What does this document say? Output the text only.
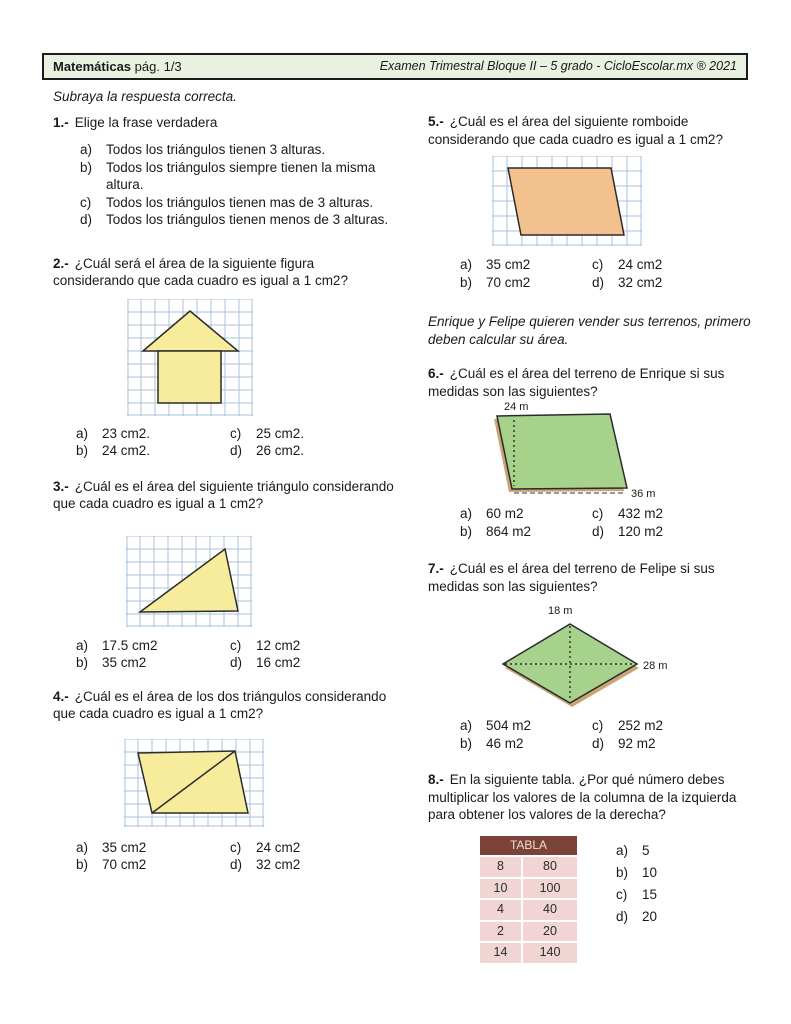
Matemáticas pág. 1/3	Examen Trimestral Bloque II – 5 grado - CicloEscolar.mx ® 2021

Subraya la respuesta correcta.

1.- Elige la frase verdadera

a)	Todos los triángulos tienen 3 alturas.
b)	Todos los triángulos siempre tienen la misma altura.
c)	Todos los triángulos tienen mas de 3 alturas.
d)	Todos los triángulos tienen menos de 3 alturas.

2.- ¿Cuál será el área de la siguiente figura considerando que cada cuadro es igual a 1 cm2?

a)	23 cm2.	c)	25 cm2.
b)	24 cm2.	d)	26 cm2.

3.- ¿Cuál es el área del siguiente triángulo considerando que cada cuadro es igual a 1 cm2?

a)	17.5 cm2	c)	12 cm2
b)	35 cm2	d)	16 cm2

4.- ¿Cuál es el área de los dos triángulos considerando que cada cuadro es igual a 1 cm2?

a)	35 cm2	c)	24 cm2
b)	70 cm2	d)	32 cm2

5.- ¿Cuál es el área del siguiente romboide considerando que cada cuadro es igual a 1 cm2?

a)	35 cm2	c)	24 cm2
b)	70 cm2	d)	32 cm2

Enrique y Felipe quieren vender sus terrenos, primero deben calcular su área.

6.- ¿Cuál es el área del terreno de Enrique si sus medidas son las siguientes?

24 m
36 m
a)	60 m2	c)	432 m2
b)	864 m2	d)	120 m2

7.- ¿Cuál es el área del terreno de Felipe si sus medidas son las siguientes?

18 m
28 m
a)	504 m2	c)	252 m2
b)	46 m2	d)	92 m2

8.- En la siguiente tabla. ¿Por qué número debes multiplicar los valores de la columna de la izquierda para obtener los valores de la derecha?

TABLA	
8	80
10	100
4	40
2	20
14	140
a)	5
b)	10
c)	15
d)	20
